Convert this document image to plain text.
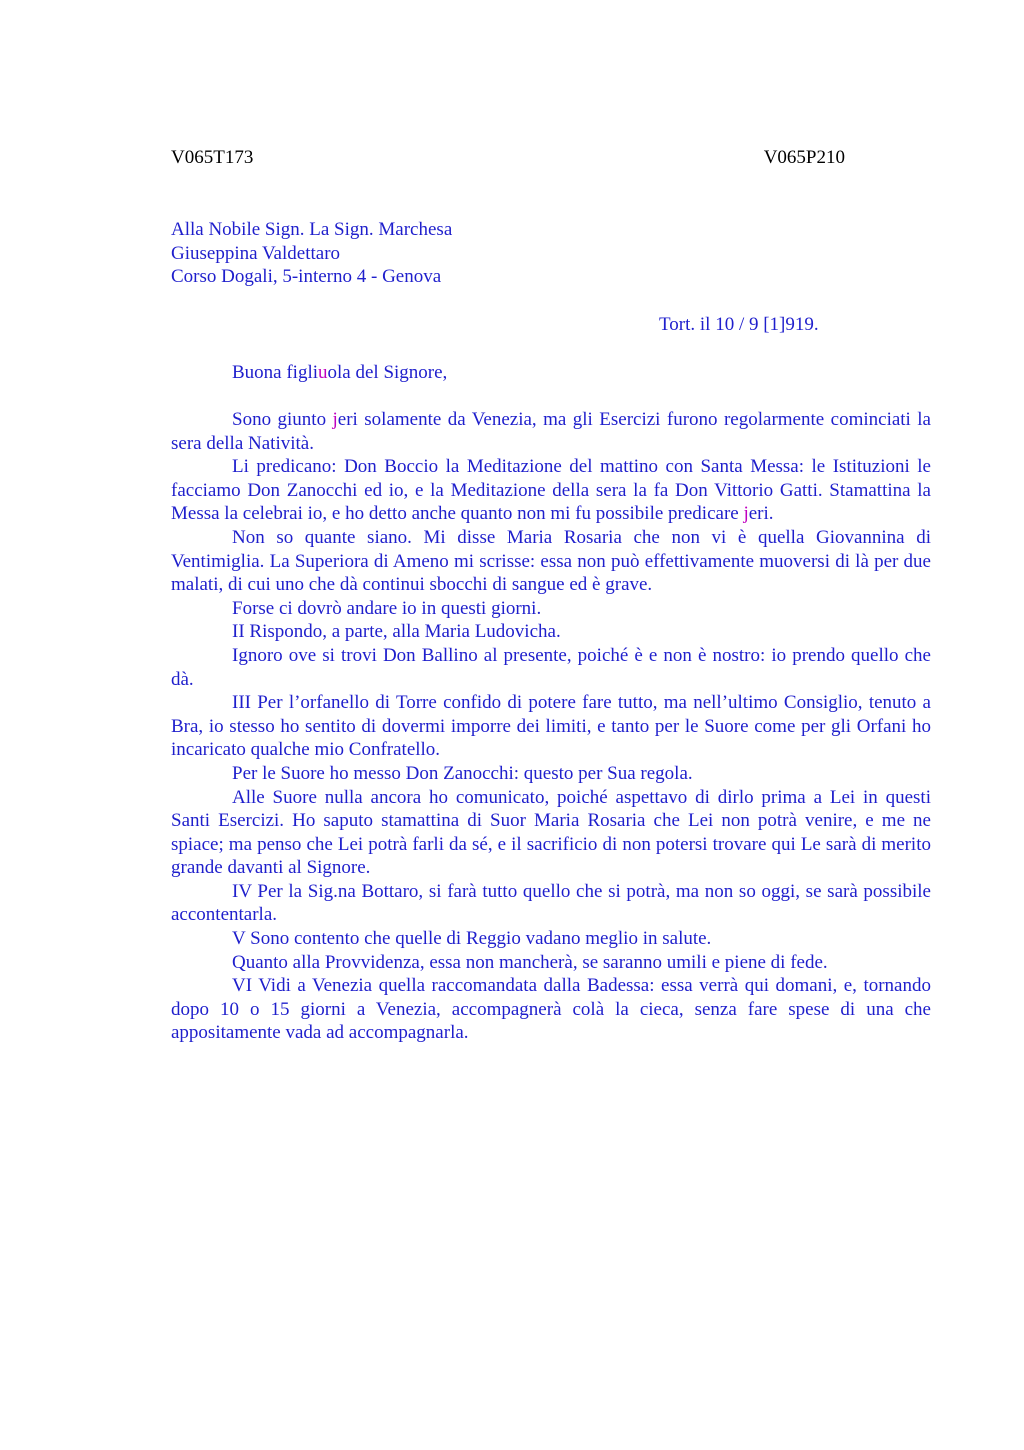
V065T173	V065P210
Alla Nobile Sign. La Sign. Marchesa
Giuseppina Valdettaro
Corso Dogali, 5-interno 4 - Genova
Tort. il 10 / 9 [1]919.
Buona figliuola del Signore,

Sono giunto jeri solamente da Venezia, ma gli Esercizi furono regolarmente cominciati la sera della Natività.

Li predicano: Don Boccio la Meditazione del mattino con Santa Messa: le Istituzioni le facciamo Don Zanocchi ed io, e la Meditazione della sera la fa Don Vittorio Gatti. Stamattina la Messa la celebrai io, e ho detto anche quanto non mi fu possibile predicare jeri.

Non so quante siano. Mi disse Maria Rosaria che non vi è quella Giovannina di Ventimiglia. La Superiora di Ameno mi scrisse: essa non può effettivamente muoversi di là per due malati, di cui uno che dà continui sbocchi di sangue ed è grave.

Forse ci dovrò andare io in questi giorni.

II Rispondo, a parte, alla Maria Ludovicha.

Ignoro ove si trovi Don Ballino al presente, poiché è e non è nostro: io prendo quello che dà.

III Per l’orfanello di Torre confido di potere fare tutto, ma nell’ultimo Consiglio, tenuto a Bra, io stesso ho sentito di dovermi imporre dei limiti, e tanto per le Suore come per gli Orfani ho incaricato qualche mio Confratello.

Per le Suore ho messo Don Zanocchi: questo per Sua regola.

Alle Suore nulla ancora ho comunicato, poiché aspettavo di dirlo prima a Lei in questi Santi Esercizi. Ho saputo stamattina di Suor Maria Rosaria che Lei non potrà venire, e me ne spiace; ma penso che Lei potrà farli da sé, e il sacrificio di non potersi trovare qui Le sarà di merito grande davanti al Signore.

IV Per la Sig.na Bottaro, si farà tutto quello che si potrà, ma non so oggi, se sarà possibile accontentarla.

V Sono contento che quelle di Reggio vadano meglio in salute.

Quanto alla Provvidenza, essa non mancherà, se saranno umili e piene di fede.

VI Vidi a Venezia quella raccomandata dalla Badessa: essa verrà qui domani, e, tornando dopo 10 o 15 giorni a Venezia, accompagnerà colà la cieca, senza fare spese di una che appositamente vada ad accompagnarla.
